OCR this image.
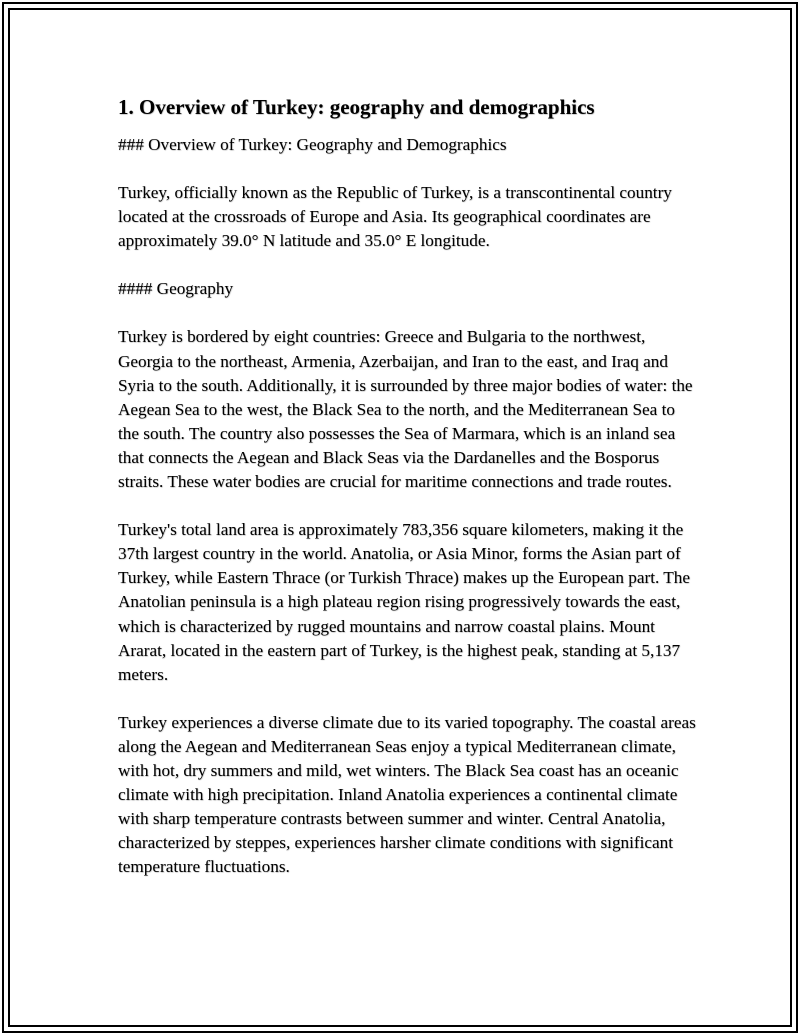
1. Overview of Turkey: geography and demographics

### Overview of Turkey: Geography and Demographics

Turkey, officially known as the Republic of Turkey, is a transcontinental country located at the crossroads of Europe and Asia. Its geographical coordinates are approximately 39.0° N latitude and 35.0° E longitude.

#### Geography

Turkey is bordered by eight countries: Greece and Bulgaria to the northwest, Georgia to the northeast, Armenia, Azerbaijan, and Iran to the east, and Iraq and Syria to the south. Additionally, it is surrounded by three major bodies of water: the Aegean Sea to the west, the Black Sea to the north, and the Mediterranean Sea to the south. The country also possesses the Sea of Marmara, which is an inland sea that connects the Aegean and Black Seas via the Dardanelles and the Bosporus straits. These water bodies are crucial for maritime connections and trade routes.

Turkey's total land area is approximately 783,356 square kilometers, making it the 37th largest country in the world. Anatolia, or Asia Minor, forms the Asian part of Turkey, while Eastern Thrace (or Turkish Thrace) makes up the European part. The Anatolian peninsula is a high plateau region rising progressively towards the east, which is characterized by rugged mountains and narrow coastal plains. Mount Ararat, located in the eastern part of Turkey, is the highest peak, standing at 5,137 meters.

Turkey experiences a diverse climate due to its varied topography. The coastal areas along the Aegean and Mediterranean Seas enjoy a typical Mediterranean climate, with hot, dry summers and mild, wet winters. The Black Sea coast has an oceanic climate with high precipitation. Inland Anatolia experiences a continental climate with sharp temperature contrasts between summer and winter. Central Anatolia, characterized by steppes, experiences harsher climate conditions with significant temperature fluctuations.
